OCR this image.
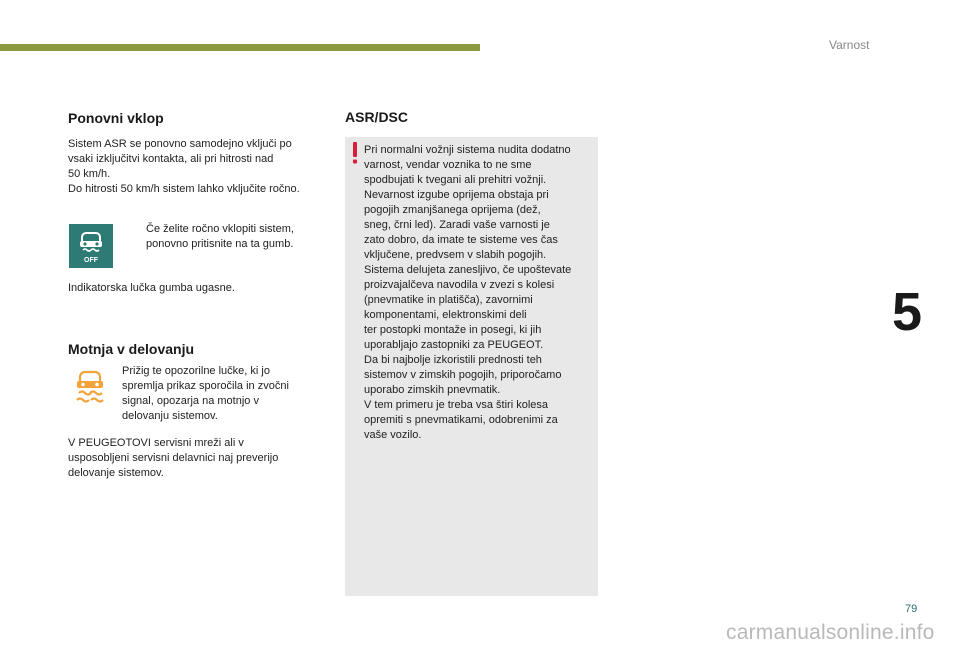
Varnost
5
Ponovni vklop
Sistem ASR se ponovno samodejno vključi po
vsaki izključitvi kontakta, ali pri hitrosti nad
50 km/h.
Do hitrosti 50 km/h sistem lahko vključite ročno.
OFF
Če želite ročno vklopiti sistem,
ponovno pritisnite na ta gumb.
Indikatorska lučka gumba ugasne.
Motnja v delovanju
Prižig te opozorilne lučke, ki jo
spremlja prikaz sporočila in zvočni
signal, opozarja na motnjo v
delovanju sistemov.
V PEUGEOTOVI servisni mreži ali v
usposobljeni servisni delavnici naj preverijo
delovanje sistemov.
ASR/DSC
Pri normalni vožnji sistema nudita dodatno
varnost, vendar voznika to ne sme
spodbujati k tvegani ali prehitri vožnji.
Nevarnost izgube oprijema obstaja pri
pogojih zmanjšanega oprijema (dež,
sneg, črni led). Zaradi vaše varnosti je
zato dobro, da imate te sisteme ves čas
vključene, predvsem v slabih pogojih.
Sistema delujeta zanesljivo, če upoštevate
proizvajalčeva navodila v zvezi s kolesi
(pnevmatike in platišča), zavornimi
komponentami, elektronskimi deli
ter postopki montaže in posegi, ki jih
uporabljajo zastopniki za PEUGEOT.
Da bi najbolje izkoristili prednosti teh
sistemov v zimskih pogojih, priporočamo
uporabo zimskih pnevmatik.
V tem primeru je treba vsa štiri kolesa
opremiti s pnevmatikami, odobrenimi za
vaše vozilo.
79
carmanualsonline.info
